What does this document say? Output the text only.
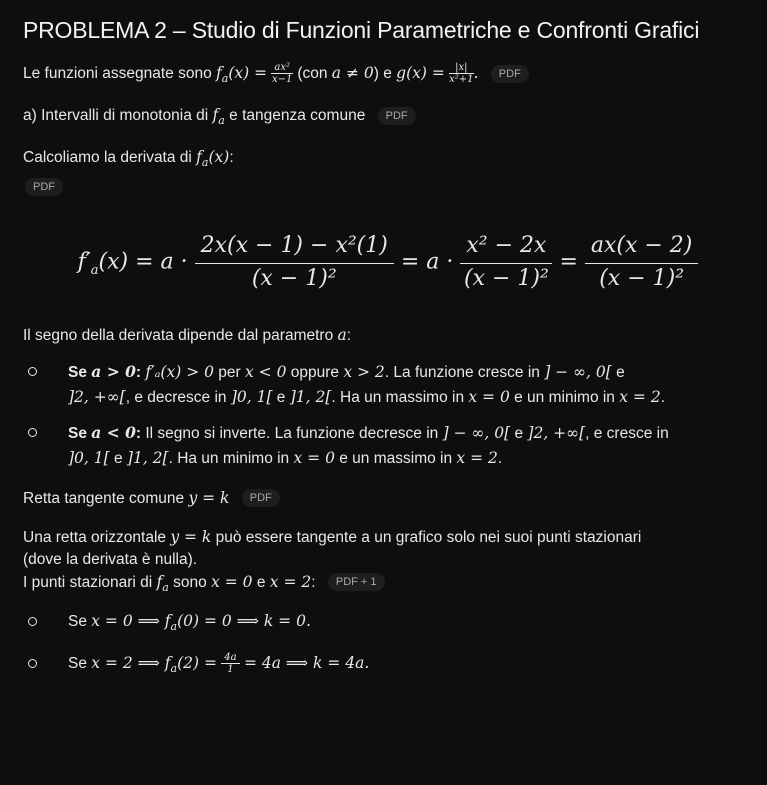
PROBLEMA 2 – Studio di Funzioni Parametriche e Confronti Grafici

Le funzioni assegnate sono $f_a(x) = \frac{\text{ax²}}{x-1} (con$ a ≠ 0) e $g(x) = \frac{|x|}{\text{x²+1}}$ . PDF

a) Intervalli di monotonia di $f_a$ e tangenza comune PDF

Calcoliamo la derivata di $f_a(x)$:

PDF
$f'_a(x) = a \cdot \frac{\text{2x(x − 1) − x²(1)}}{\text{(x − 1)²}} = a \cdot \frac{\text{x² − 2x}}{\text{(x − 1)²}} = \frac{ax(x - 2)}{\text{(x − 1)²}}$

Il segno della derivata dipende dal parametro a:

Se a > 0: f′ₐ(x) > 0 per x < 0 oppure x > 2. La funzione cresce in ] − ∞, 0[ e
]2, +∞[, e decresce in ]0, 1[ e ]1, 2[. Ha un massimo in x = 0 e un minimo in x = 2.
Se a < 0: Il segno si inverte. La funzione decresce in ] − ∞, 0[ e ]2, +∞[, e cresce in
]0, 1[ e ]1, 2[. Ha un minimo in x = 0 e un massimo in x = 2.

Retta tangente comune y = k PDF

Una retta orizzontale y = k può essere tangente a un grafico solo nei suoi punti stazionari
(dove la derivata è nulla).
I punti stazionari di $f_a$ sono x = 0 e x = 2: PDF + 1

Se x = 0 ⟹ $f_a(0) = 0$ ⟹ k = 0.
Se x = 2 ⟹ $f_a(2) = \frac{4a}{1} = 4a$ ⟹ k = 4a.
